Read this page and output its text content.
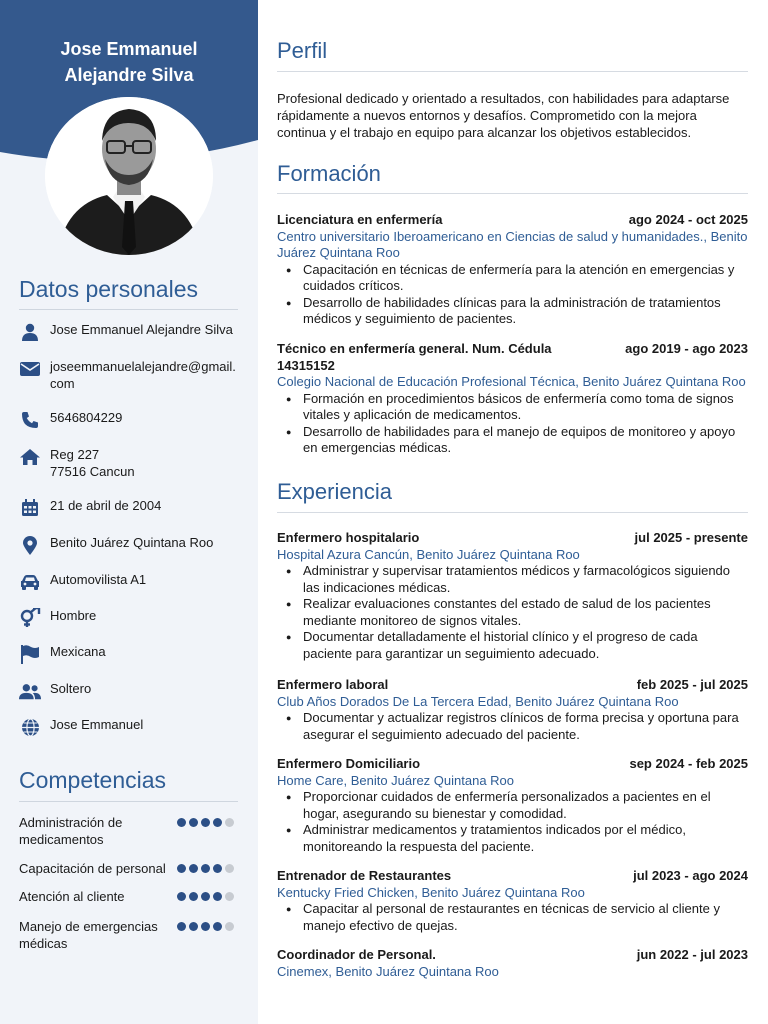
Jose Emmanuel
Alejandre Silva
Datos personales
Jose Emmanuel Alejandre Silva
joseemmanuelalejandre@gmail.com
5646804229
Reg 227
77516 Cancun
21 de abril de 2004
Benito Juárez Quintana Roo
Automovilista A1
Hombre
Mexicana
Soltero
Jose Emmanuel
Competencias
Administración de medicamentos
Capacitación de personal
Atención al cliente
Manejo de emergencias médicas
Perfil
Profesional dedicado y orientado a resultados, con habilidades para adaptarse rápidamente a nuevos entornos y desafíos. Comprometido con la mejora continua y el trabajo en equipo para alcanzar los objetivos establecidos.
Formación
Licenciatura en enfermería	ago 2024 - oct 2025
Centro universitario Iberoamericano en Ciencias de salud y humanidades., Benito Juárez Quintana Roo
● Capacitación en técnicas de enfermería para la atención en emergencias y cuidados críticos.
● Desarrollo de habilidades clínicas para la administración de tratamientos médicos y seguimiento de pacientes.
Técnico en enfermería general. Num. Cédula 14315152
ago 2019 - ago 2023
Colegio Nacional de Educación Profesional Técnica, Benito Juárez Quintana Roo
● Formación en procedimientos básicos de enfermería como toma de signos vitales y aplicación de medicamentos.
● Desarrollo de habilidades para el manejo de equipos de monitoreo y apoyo en emergencias médicas.
Experiencia
Enfermero hospitalario	jul 2025 - presente
Hospital Azura Cancún, Benito Juárez Quintana Roo
● Administrar y supervisar tratamientos médicos y farmacológicos siguiendo las indicaciones médicas.
● Realizar evaluaciones constantes del estado de salud de los pacientes mediante monitoreo de signos vitales.
● Documentar detalladamente el historial clínico y el progreso de cada paciente para garantizar un seguimiento adecuado.
Enfermero laboral	feb 2025 - jul 2025
Club Años Dorados De La Tercera Edad, Benito Juárez Quintana Roo
● Documentar y actualizar registros clínicos de forma precisa y oportuna para asegurar el seguimiento adecuado del paciente.
Enfermero Domiciliario	sep 2024 - feb 2025
Home Care, Benito Juárez Quintana Roo
● Proporcionar cuidados de enfermería personalizados a pacientes en el hogar, asegurando su bienestar y comodidad.
● Administrar medicamentos y tratamientos indicados por el médico, monitoreando la respuesta del paciente.
Entrenador de Restaurantes	jul 2023 - ago 2024
Kentucky Fried Chicken, Benito Juárez Quintana Roo
● Capacitar al personal de restaurantes en técnicas de servicio al cliente y manejo efectivo de quejas.
Coordinador de Personal.	jun 2022 - jul 2023
Cinemex, Benito Juárez Quintana Roo
